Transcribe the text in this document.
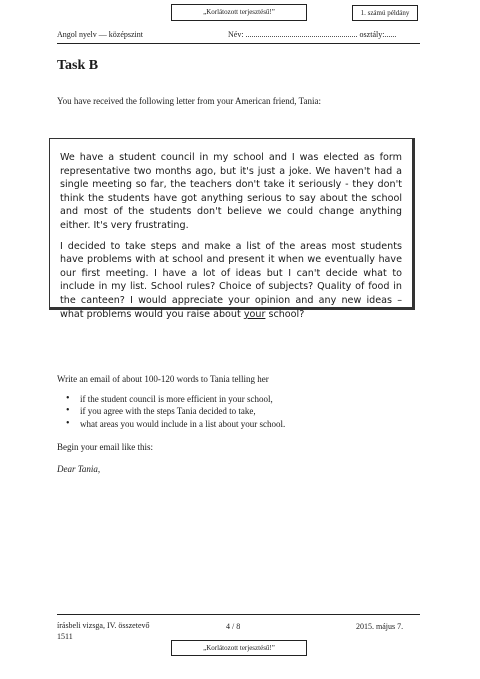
„Korlátozott terjesztésű!”	1. számú példány
Angol nyelv — középszint	Név: ........................................................ osztály:......
Task B
You have received the following letter from your American friend, Tania:

We have a student council in my school and I was elected as form representative two months ago, but it's just a joke. We haven't had a single meeting so far, the teachers don't take it seriously - they don't think the students have got anything serious to say about the school and most of the students don't believe we could change anything either. It's very frustrating.

I decided to take steps and make a list of the areas most students have problems with at school and present it when we eventually have our first meeting. I have a lot of ideas but I can't decide what to include in my list. School rules? Choice of subjects? Quality of food in the canteen? I would appreciate your opinion and any new ideas – what problems would you raise about your school?

Write an email of about 100-120 words to Tania telling her
• if the student council is more efficient in your school,
• if you agree with the steps Tania decided to take,
• what areas you would include in a list about your school.
Begin your email like this:
Dear Tania,
írásbeli vizsga, IV. összetevő
1511
4 / 8	2015. május 7.
„Korlátozott terjesztésű!”
